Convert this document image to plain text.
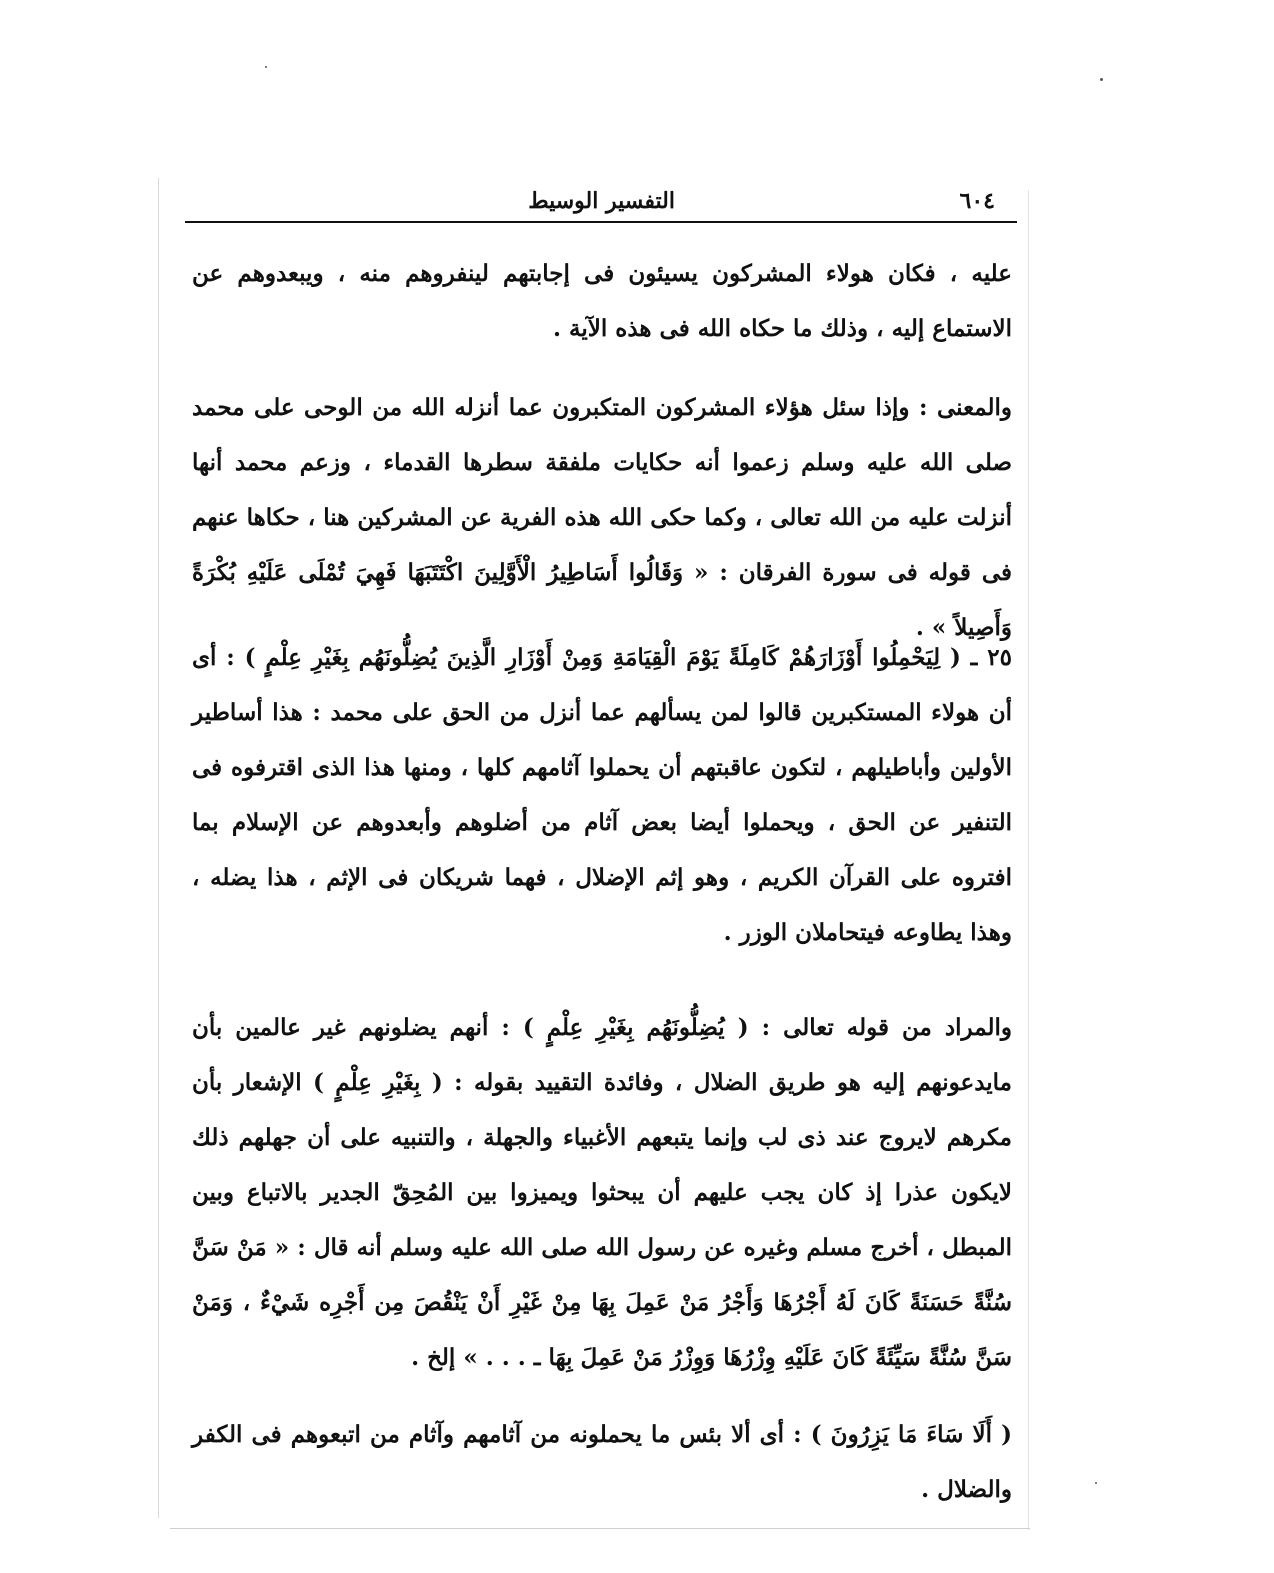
٦٠٤
التفسير الوسيط

عليه ، فكان هولاء المشركون يسيئون فى إجابتهم لينفروهم منه ، ويبعدوهم عن الاستماع إليه ، وذلك ما حكاه الله فى هذه الآية .

والمعنى : وإذا سئل هؤلاء المشركون المتكبرون عما أنزله الله من الوحى على محمد صلى الله عليه وسلم زعموا أنه حكايات ملفقة سطرها القدماء ، وزعم محمد أنها أنزلت عليه من الله تعالى ، وكما حكى الله هذه الفرية عن المشركين هنا ، حكاها عنهم فى قوله فى سورة الفرقان : « وَقَالُوا أَسَاطِيرُ الْأَوَّلِينَ اكْتَتَبَهَا فَهِيَ تُمْلَى عَلَيْهِ بُكْرَةً وَأَصِيلاً » .

٢٥ ـ ( لِيَحْمِلُوا أَوْزَارَهُمْ كَامِلَةً يَوْمَ الْقِيَامَةِ وَمِنْ أَوْزَارِ الَّذِينَ يُضِلُّونَهُم بِغَيْرِ عِلْمٍ ) : أى أن هولاء المستكبرين قالوا لمن يسألهم عما أنزل من الحق على محمد : هذا أساطير الأولين وأباطيلهم ، لتكون عاقبتهم أن يحملوا آثامهم كلها ، ومنها هذا الذى اقترفوه فى التنفير عن الحق ، ويحملوا أيضا بعض آثام من أضلوهم وأبعدوهم عن الإسلام بما افتروه على القرآن الكريم ، وهو إثم الإضلال ، فهما شريكان فى الإثم ، هذا يضله ، وهذا يطاوعه فيتحاملان الوزر .

والمراد من قوله تعالى : ( يُضِلُّونَهُم بِغَيْرِ عِلْمٍ ) : أنهم يضلونهم غير عالمين بأن مايدعونهم إليه هو طريق الضلال ، وفائدة التقييد بقوله : ( بِغَيْرِ عِلْمٍ ) الإشعار بأن مكرهم لايروج عند ذى لب وإنما يتبعهم الأغبياء والجهلة ، والتنبيه على أن جهلهم ذلك لايكون عذرا إذ كان يجب عليهم أن يبحثوا ويميزوا بين المُحِقّ الجدير بالاتباع وبين المبطل ، أخرج مسلم وغيره عن رسول الله صلى الله عليه وسلم أنه قال : « مَنْ سَنَّ سُنَّةً حَسَنَةً كَانَ لَهُ أَجْرُهَا وَأَجْرُ مَنْ عَمِلَ بِهَا مِنْ غَيْرِ أَنْ يَنْقُصَ مِن أَجْرِه شَيْءٌ ، وَمَنْ سَنَّ سُنَّةً سَيِّئَةً كَانَ عَلَيْهِ وِزْرُهَا وَوِزْرُ مَنْ عَمِلَ بِهَا ـ . . . » إلخ .

( أَلَا سَاءَ مَا يَزِرُونَ ) : أى ألا بئس ما يحملونه من آثامهم وآثام من اتبعوهم فى الكفر والضلال .
